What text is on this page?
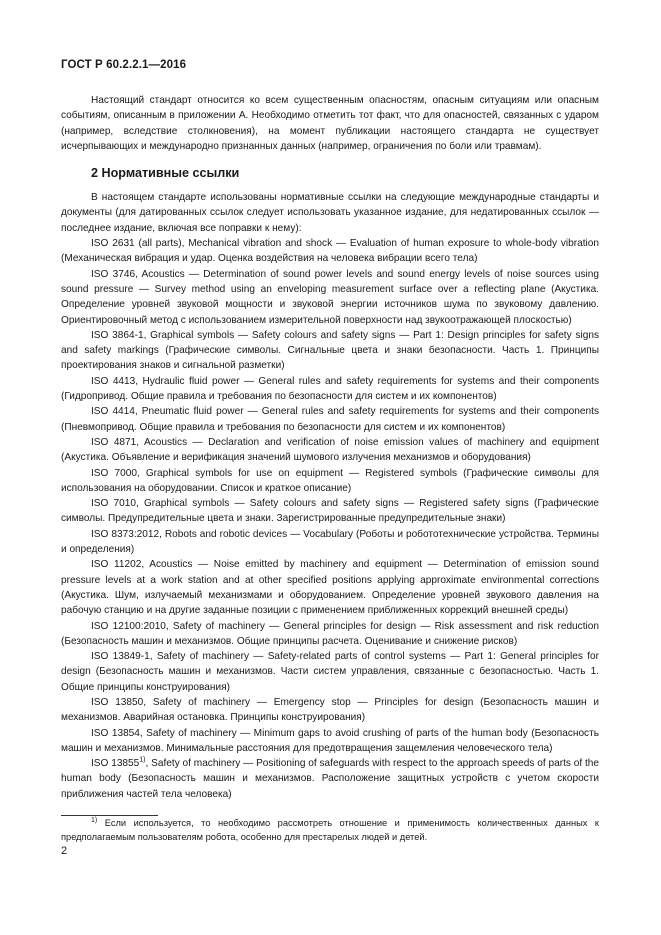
ГОСТ Р 60.2.2.1—2016

Настоящий стандарт относится ко всем существенным опасностям, опасным ситуациям или опасным событиям, описанным в приложении А. Необходимо отметить тот факт, что для опасностей, связанных с ударом (например, вследствие столкновения), на момент публикации настоящего стандарта не существует исчерпывающих и международно признанных данных (например, ограничения по боли или травмам).

2 Нормативные ссылки

В настоящем стандарте использованы нормативные ссылки на следующие международные стандарты и документы (для датированных ссылок следует использовать указанное издание, для недатированных ссылок — последнее издание, включая все поправки к нему):

ISO 2631 (all parts), Mechanical vibration and shock — Evaluation of human exposure to whole-body vibration (Механическая вибрация и удар. Оценка воздействия на человека вибрации всего тела)

ISO 3746, Acoustics — Determination of sound power levels and sound energy levels of noise sources using sound pressure — Survey method using an enveloping measurement surface over a reflecting plane (Акустика. Определение уровней звуковой мощности и звуковой энергии источников шума по звуковому давлению. Ориентировочный метод с использованием измерительной поверхности над звукоотражающей плоскостью)

ISO 3864-1, Graphical symbols — Safety colours and safety signs — Part 1: Design principles for safety signs and safety markings (Графические символы. Сигнальные цвета и знаки безопасности. Часть 1. Принципы проектирования знаков и сигнальной разметки)

ISO 4413, Hydraulic fluid power — General rules and safety requirements for systems and their components (Гидропривод. Общие правила и требования по безопасности для систем и их компонентов)

ISO 4414, Pneumatic fluid power — General rules and safety requirements for systems and their components (Пневмопривод. Общие правила и требования по безопасности для систем и их компонентов)

ISO 4871, Acoustics — Declaration and verification of noise emission values of machinery and equipment (Акустика. Объявление и верификация значений шумового излучения механизмов и оборудования)

ISO 7000, Graphical symbols for use on equipment — Registered symbols (Графические символы для использования на оборудовании. Список и краткое описание)

ISO 7010, Graphical symbols — Safety colours and safety signs — Registered safety signs (Графические символы. Предупредительные цвета и знаки. Зарегистрированные предупредительные знаки)

ISO 8373:2012, Robots and robotic devices — Vocabulary (Роботы и робототехнические устройства. Термины и определения)

ISO 11202, Acoustics — Noise emitted by machinery and equipment — Determination of emission sound pressure levels at a work station and at other specified positions applying approximate environmental corrections (Акустика. Шум, излучаемый механизмами и оборудованием. Определение уровней звукового давления на рабочую станцию и на другие заданные позиции с применением приближенных коррекций внешней среды)

ISO 12100:2010, Safety of machinery — General principles for design — Risk assessment and risk reduction (Безопасность машин и механизмов. Общие принципы расчета. Оценивание и снижение рисков)

ISO 13849-1, Safety of machinery — Safety-related parts of control systems — Part 1: General principles for design (Безопасность машин и механизмов. Части систем управления, связанные с безопасностью. Часть 1. Общие принципы конструирования)

ISO 13850, Safety of machinery — Emergency stop — Principles for design (Безопасность машин и механизмов. Аварийная остановка. Принципы конструирования)

ISO 13854, Safety of machinery — Minimum gaps to avoid crushing of parts of the human body (Безопасность машин и механизмов. Минимальные расстояния для предотвращения защемления человеческого тела)

ISO 13855$^{1)}$, Safety of machinery — Positioning of safeguards with respect to the approach speeds of parts of the human body (Безопасность машин и механизмов. Расположение защитных устройств с учетом скорости приближения частей тела человека)

$^{1)}$ Если используется, то необходимо рассмотреть отношение и применимость количественных данных к предполагаемым пользователям робота, особенно для престарелых людей и детей.

2
